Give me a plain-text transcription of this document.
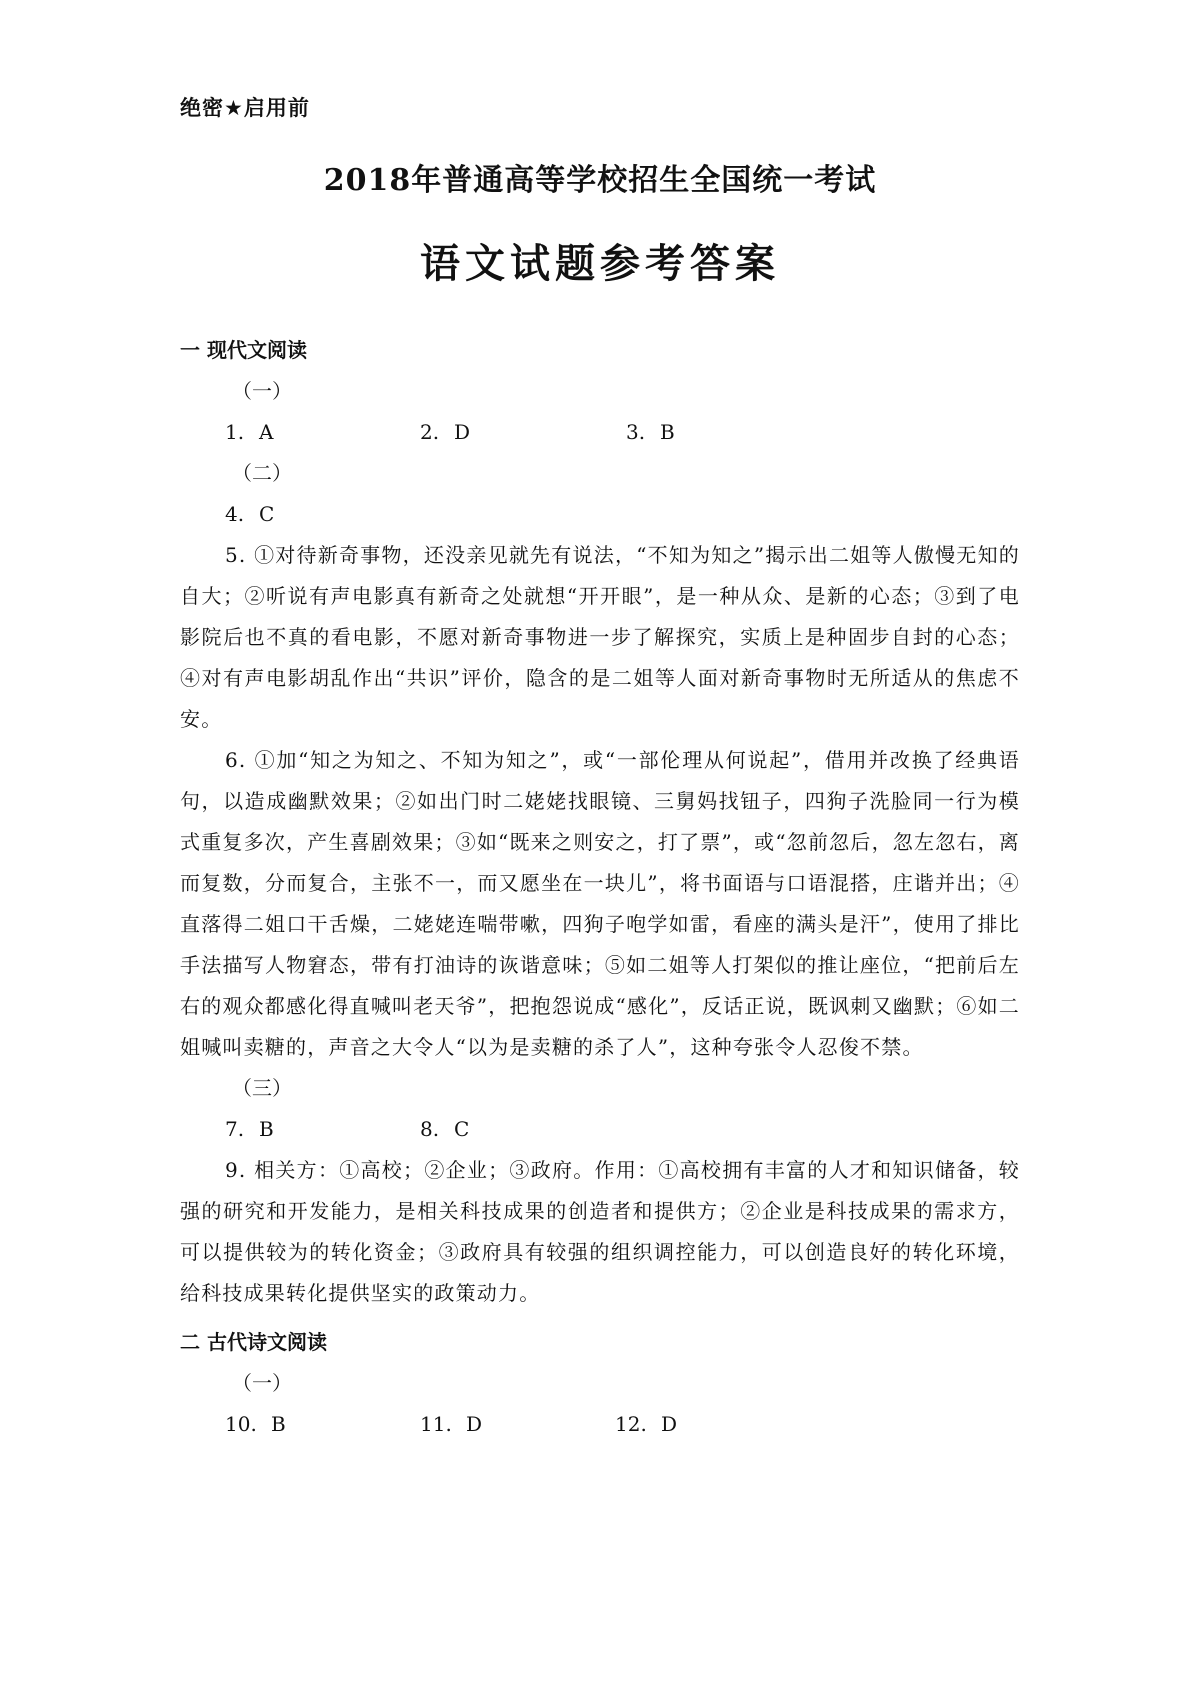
绝密★启用前
2018年普通高等学校招生全国统一考试
语文试题参考答案
一 现代文阅读
（一）
1. A	2. D	3. B
（二）
4. C
5. ①对待新奇事物，还没亲见就先有说法，“不知为知之”揭示出二姐等人傲慢无知的自大；②听说有声电影真有新奇之处就想“开开眼”，是一种从众、是新的心态；③到了电影院后也不真的看电影，不愿对新奇事物进一步了解探究，实质上是种固步自封的心态；④对有声电影胡乱作出“共识”评价，隐含的是二姐等人面对新奇事物时无所适从的焦虑不安。
6. ①加“知之为知之、不知为知之”，或“一部伦理从何说起”，借用并改换了经典语句，以造成幽默效果；②如出门时二姥姥找眼镜、三舅妈找钮子，四狗子洗脸同一行为模式重复多次，产生喜剧效果；③如“既来之则安之，打了票”，或“忽前忽后，忽左忽右，离而复数，分而复合，主张不一，而又愿坐在一块儿”，将书面语与口语混搭，庄谐并出；④直落得二姐口干舌燥，二姥姥连喘带嗽，四狗子咆学如雷，看座的满头是汗”，使用了排比手法描写人物窘态，带有打油诗的诙谐意味；⑤如二姐等人打架似的推让座位，“把前后左右的观众都感化得直喊叫老天爷”，把抱怨说成“感化”，反话正说，既讽刺又幽默；⑥如二姐喊叫卖糖的，声音之大令人“以为是卖糖的杀了人”，这种夸张令人忍俊不禁。
（三）
7. B	8. C
9. 相关方：①高校；②企业；③政府。作用：①高校拥有丰富的人才和知识储备，较强的研究和开发能力，是相关科技成果的创造者和提供方；②企业是科技成果的需求方，可以提供较为的转化资金；③政府具有较强的组织调控能力，可以创造良好的转化环境，给科技成果转化提供坚实的政策动力。
二 古代诗文阅读
（一）
10. B	11. D	12. D
